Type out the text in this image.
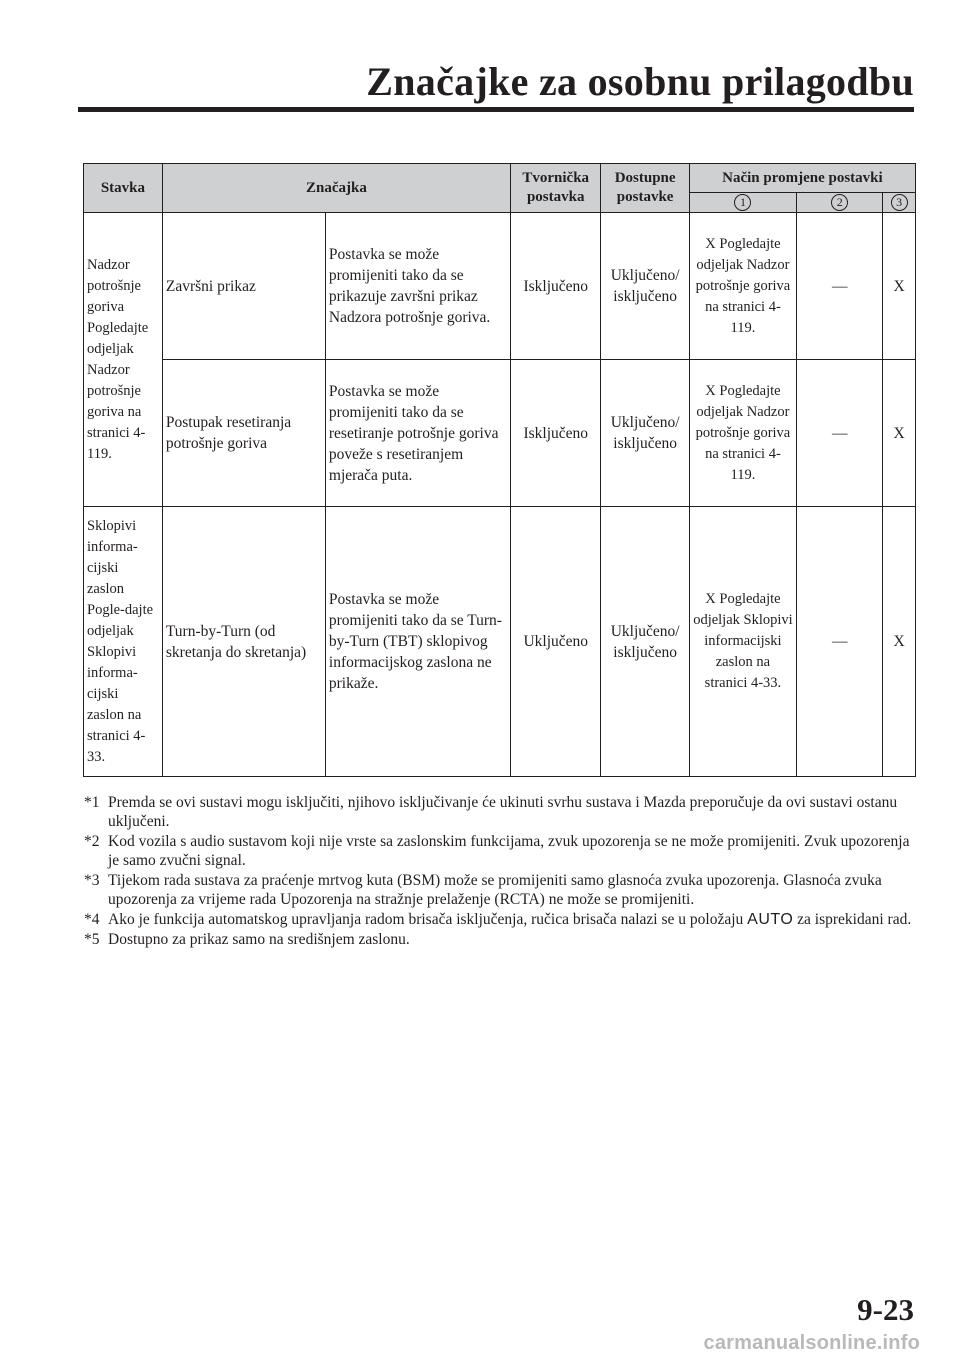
Značajke za osobnu prilagodbu
Stavka	Značajka		Tvornička postavka	Dostupne postavke	Način promjene postavki		
					1	2	3
Nadzor potrošnje goriva Pogledajte odjeljak Nadzor potrošnje goriva na stranici 4-119.	Završni prikaz	Postavka se može promijeniti tako da se prikazuje završni prikaz Nadzora potrošnje goriva.	Isključeno	Uključeno/ isključeno	X Pogledajte odjeljak Nadzor potrošnje goriva na stranici 4-119.	—	X
	Postupak resetiranja potrošnje goriva	Postavka se može promijeniti tako da se resetiranje potrošnje goriva poveže s resetiranjem mjerača puta.	Isključeno	Uključeno/ isključeno	X Pogledajte odjeljak Nadzor potrošnje goriva na stranici 4-119.	—	X
Sklopivi informa-cijski zaslon Pogle-dajte odjeljak Sklopivi informa-cijski zaslon na stranici 4-33.	Turn-by-Turn (od skretanja do skretanja)	Postavka se može promijeniti tako da se Turn-by-Turn (TBT) sklopivog informacijskog zaslona ne prikaže.	Uključeno	Uključeno/ isključeno	X Pogledajte odjeljak Sklopivi informacijski zaslon na stranici 4-33.	—	X
*1 Premda se ovi sustavi mogu isključiti, njihovo isključivanje će ukinuti svrhu sustava i Mazda preporučuje da ovi sustavi ostanu uključeni.
*2 Kod vozila s audio sustavom koji nije vrste sa zaslonskim funkcijama, zvuk upozorenja se ne može promijeniti. Zvuk upozorenja je samo zvučni signal.
*3 Tijekom rada sustava za praćenje mrtvog kuta (BSM) može se promijeniti samo glasnoća zvuka upozorenja. Glasnoća zvuka upozorenja za vrijeme rada Upozorenja na stražnje prelaženje (RCTA) ne može se promijeniti.
*4 Ako je funkcija automatskog upravljanja radom brisača isključenja, ručica brisača nalazi se u položaju AUTO za isprekidani rad.
*5 Dostupno za prikaz samo na središnjem zaslonu.
9-23
carmanualsonline.info
